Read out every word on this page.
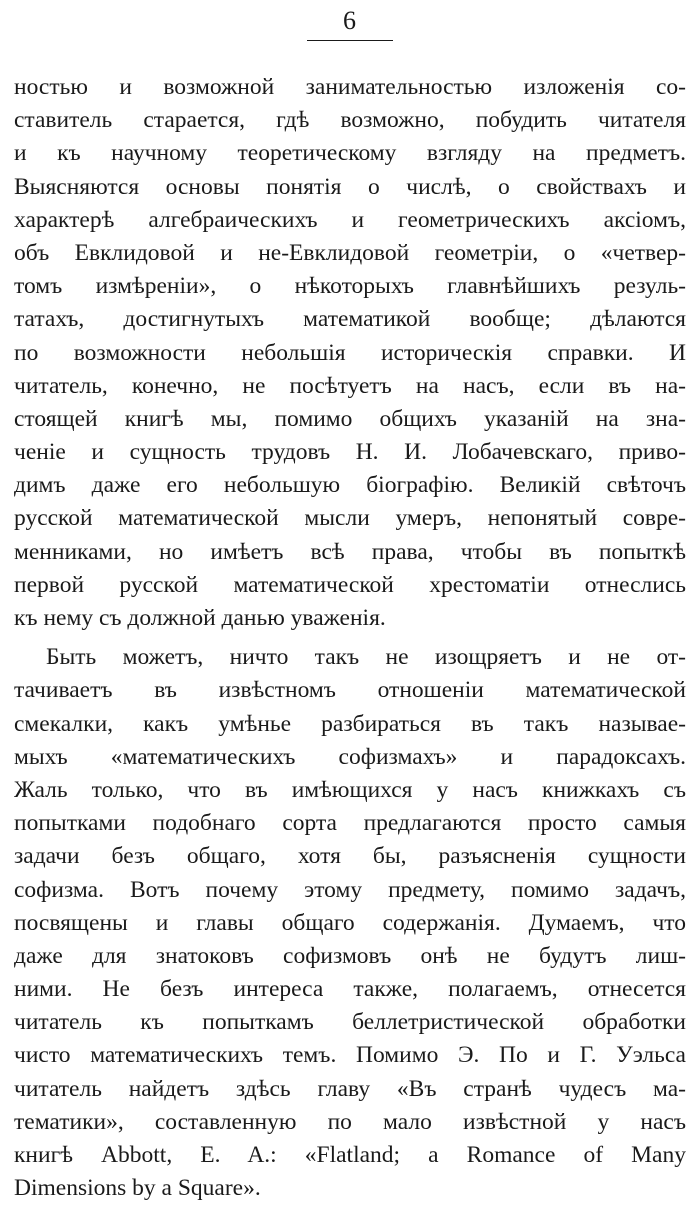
6
ностью и возможной занимательностью изложенія со-
ставитель старается, гдѣ возможно, побудить читателя
и къ научному теоретическому взгляду на предметъ.
Выясняются основы понятія о числѣ, о свойствахъ и
характерѣ алгебраическихъ и геометрическихъ аксіомъ,
объ Евклидовой и не-Евклидовой геометріи, о «четвер-
томъ измѣреніи», о нѣкоторыхъ главнѣйшихъ резуль-
татахъ, достигнутыхъ математикой вообще; дѣлаются
по возможности небольшія историческія справки. И
читатель, конечно, не посѣтуетъ на насъ, если въ на-
стоящей книгѣ мы, помимо общихъ указаній на зна-
ченіе и сущность трудовъ Н. И. Лобачевскаго, приво-
димъ даже его небольшую біографію. Великій свѣточъ
русской математической мысли умеръ, непонятый совре-
менниками, но имѣетъ всѣ права, чтобы въ попыткѣ
первой русской математической хрестоматіи отнеслись
къ нему съ должной данью уваженія.
Быть можетъ, ничто такъ не изощряетъ и не от-
тачиваетъ въ извѣстномъ отношеніи математической
смекалки, какъ умѣнье разбираться въ такъ называе-
мыхъ «математическихъ софизмахъ» и парадоксахъ.
Жаль только, что въ имѣющихся у насъ книжкахъ съ
попытками подобнаго сорта предлагаются просто самыя
задачи безъ общаго, хотя бы, разъясненія сущности
софизма. Вотъ почему этому предмету, помимо задачъ,
посвящены и главы общаго содержанія. Думаемъ, что
даже для знатоковъ софизмовъ онѣ не будутъ лиш-
ними. Не безъ интереса также, полагаемъ, отнесется
читатель къ попыткамъ беллетристической обработки
чисто математическихъ темъ. Помимо Э. По и Г. Уэльса
читатель найдетъ здѣсь главу «Въ странѣ чудесъ ма-
тематики», составленную по мало извѣстной у насъ
книгѣ Abbott, E. A.: «Flatland; a Romance of Many
Dimensions by a Square».
